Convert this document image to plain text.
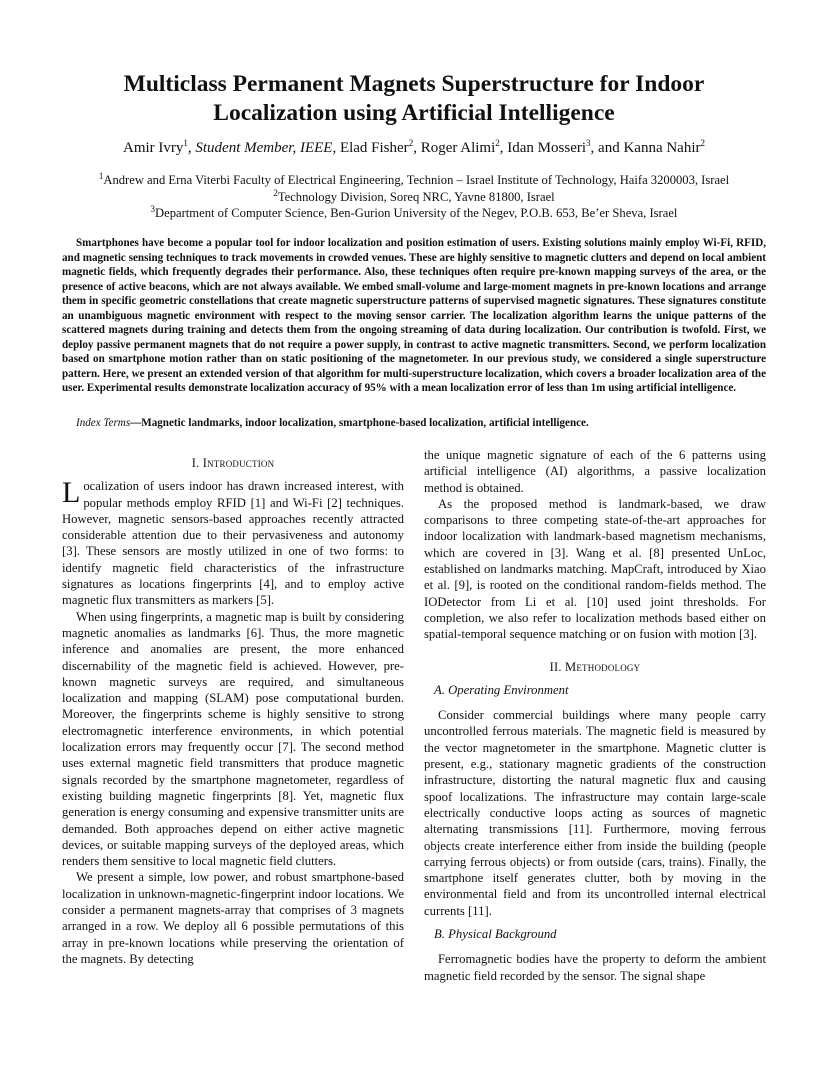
Multiclass Permanent Magnets Superstructure for Indoor
Localization using Artificial Intelligence
Amir Ivry$^1$, Student Member, IEEE, Elad Fisher$^2$, Roger Alimi$^2$, Idan Mosseri$^3$, and Kanna Nahir$^2$
$^1$Andrew and Erna Viterbi Faculty of Electrical Engineering, Technion – Israel Institute of Technology, Haifa 3200003, Israel
$^2$Technology Division, Soreq NRC, Yavne 81800, Israel
$^3$Department of Computer Science, Ben-Gurion University of the Negev, P.O.B. 653, Be’er Sheva, Israel

Smartphones have become a popular tool for indoor localization and position estimation of users. Existing solutions mainly employ Wi-Fi, RFID, and magnetic sensing techniques to track movements in crowded venues. These are highly sensitive to magnetic clutters and depend on local ambient magnetic fields, which frequently degrades their performance. Also, these techniques often require pre-known mapping surveys of the area, or the presence of active beacons, which are not always available. We embed small-volume and large-moment magnets in pre-known locations and arrange them in specific geometric constellations that create magnetic superstructure patterns of supervised magnetic signatures. These signatures constitute an unambiguous magnetic environment with respect to the moving sensor carrier. The localization algorithm learns the unique patterns of the scattered magnets during training and detects them from the ongoing streaming of data during localization. Our contribution is twofold. First, we deploy passive permanent magnets that do not require a power supply, in contrast to active magnetic transmitters. Second, we perform localization based on smartphone motion rather than on static positioning of the magnetometer. In our previous study, we considered a single superstructure pattern. Here, we present an extended version of that algorithm for multi-superstructure localization, which covers a broader localization area of the user. Experimental results demonstrate localization accuracy of 95% with a mean localization error of less than 1m using artificial intelligence.

Index Terms—Magnetic landmarks, indoor localization, smartphone-based localization, artificial intelligence.

I. Introduction

Localization of users indoor has drawn increased interest, with popular methods employ RFID [1] and Wi-Fi [2] techniques. However, magnetic sensors-based approaches recently attracted considerable attention due to their pervasiveness and autonomy [3]. These sensors are mostly utilized in one of two forms: to identify magnetic field characteristics of the infrastructure signatures as locations fingerprints [4], and to employ active magnetic flux transmitters as markers [5].

When using fingerprints, a magnetic map is built by considering magnetic anomalies as landmarks [6]. Thus, the more magnetic inference and anomalies are present, the more enhanced discernability of the magnetic field is achieved. However, pre-known magnetic surveys are required, and simultaneous localization and mapping (SLAM) pose computational burden. Moreover, the fingerprints scheme is highly sensitive to strong electromagnetic interference environments, in which potential localization errors may frequently occur [7]. The second method uses external magnetic field transmitters that produce magnetic signals recorded by the smartphone magnetometer, regardless of existing building magnetic fingerprints [8]. Yet, magnetic flux generation is energy consuming and expensive transmitter units are demanded. Both approaches depend on either active magnetic devices, or suitable mapping surveys of the deployed areas, which renders them sensitive to local magnetic field clutters.

We present a simple, low power, and robust smartphone-based localization in unknown-magnetic-fingerprint indoor locations. We consider a permanent magnets-array that comprises of 3 magnets arranged in a row. We deploy all 6 possible permutations of this array in pre-known locations while preserving the orientation of the magnets. By detecting

the unique magnetic signature of each of the 6 patterns using artificial intelligence (AI) algorithms, a passive localization method is obtained.

As the proposed method is landmark-based, we draw comparisons to three competing state-of-the-art approaches for indoor localization with landmark-based magnetism mechanisms, which are covered in [3]. Wang et al. [8] presented UnLoc, established on landmarks matching. MapCraft, introduced by Xiao et al. [9], is rooted on the conditional random-fields method. The IODetector from Li et al. [10] used joint thresholds. For completion, we also refer to localization methods based either on spatial-temporal sequence matching or on fusion with motion [3].

II. Methodology
A. Operating Environment

Consider commercial buildings where many people carry uncontrolled ferrous materials. The magnetic field is measured by the vector magnetometer in the smartphone. Magnetic clutter is present, e.g., stationary magnetic gradients of the construction infrastructure, distorting the natural magnetic flux and causing spoof localizations. The infrastructure may contain large-scale electrically conductive loops acting as sources of magnetic alternating transmissions [11]. Furthermore, moving ferrous objects create interference either from inside the building (people carrying ferrous objects) or from outside (cars, trains). Finally, the smartphone itself generates clutter, both by moving in the environmental field and from its uncontrolled internal electrical currents [11].

B. Physical Background

Ferromagnetic bodies have the property to deform the ambient magnetic field recorded by the sensor. The signal shape
